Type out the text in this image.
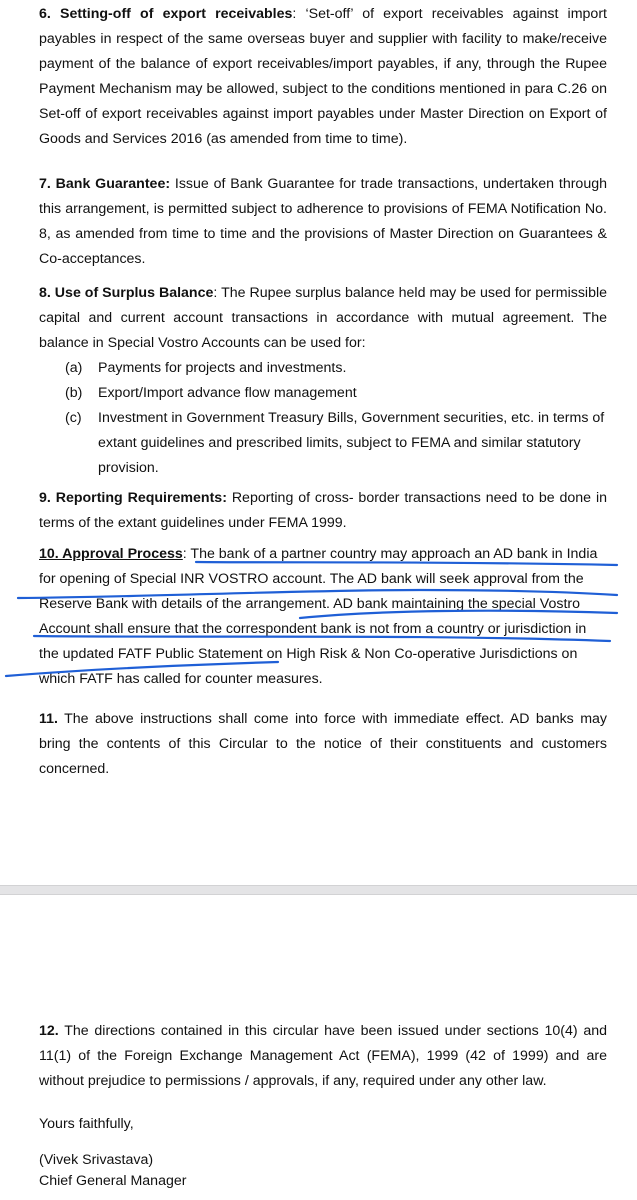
6. Setting-off of export receivables: ‘Set-off’ of export receivables against import payables in respect of the same overseas buyer and supplier with facility to make/receive payment of the balance of export receivables/import payables, if any, through the Rupee Payment Mechanism may be allowed, subject to the conditions mentioned in para C.26 on Set-off of export receivables against import payables under Master Direction on Export of Goods and Services 2016 (as amended from time to time).

7. Bank Guarantee: Issue of Bank Guarantee for trade transactions, undertaken through this arrangement, is permitted subject to adherence to provisions of FEMA Notification No. 8, as amended from time to time and the provisions of Master Direction on Guarantees & Co-acceptances.

8. Use of Surplus Balance: The Rupee surplus balance held may be used for permissible capital and current account transactions in accordance with mutual agreement. The balance in Special Vostro Accounts can be used for:

(a) Payments for projects and investments.
(b) Export/Import advance flow management
(c) Investment in Government Treasury Bills, Government securities, etc. in terms of extant guidelines and prescribed limits, subject to FEMA and similar statutory provision.

9. Reporting Requirements: Reporting of cross- border transactions need to be done in terms of the extant guidelines under FEMA 1999.

10. Approval Process: The bank of a partner country may approach an AD bank in India
for opening of Special INR VOSTRO account. The AD bank will seek approval from the
Reserve Bank with details of the arrangement. AD bank maintaining the special Vostro
Account shall ensure that the correspondent bank is not from a country or jurisdiction in
the updated FATF Public Statement on High Risk & Non Co-operative Jurisdictions on
which FATF has called for counter measures.

11. The above instructions shall come into force with immediate effect. AD banks may bring the contents of this Circular to the notice of their constituents and customers concerned.

12. The directions contained in this circular have been issued under sections 10(4) and 11(1) of the Foreign Exchange Management Act (FEMA), 1999 (42 of 1999) and are without prejudice to permissions / approvals, if any, required under any other law.

Yours faithfully,
(Vivek Srivastava)
Chief General Manager
